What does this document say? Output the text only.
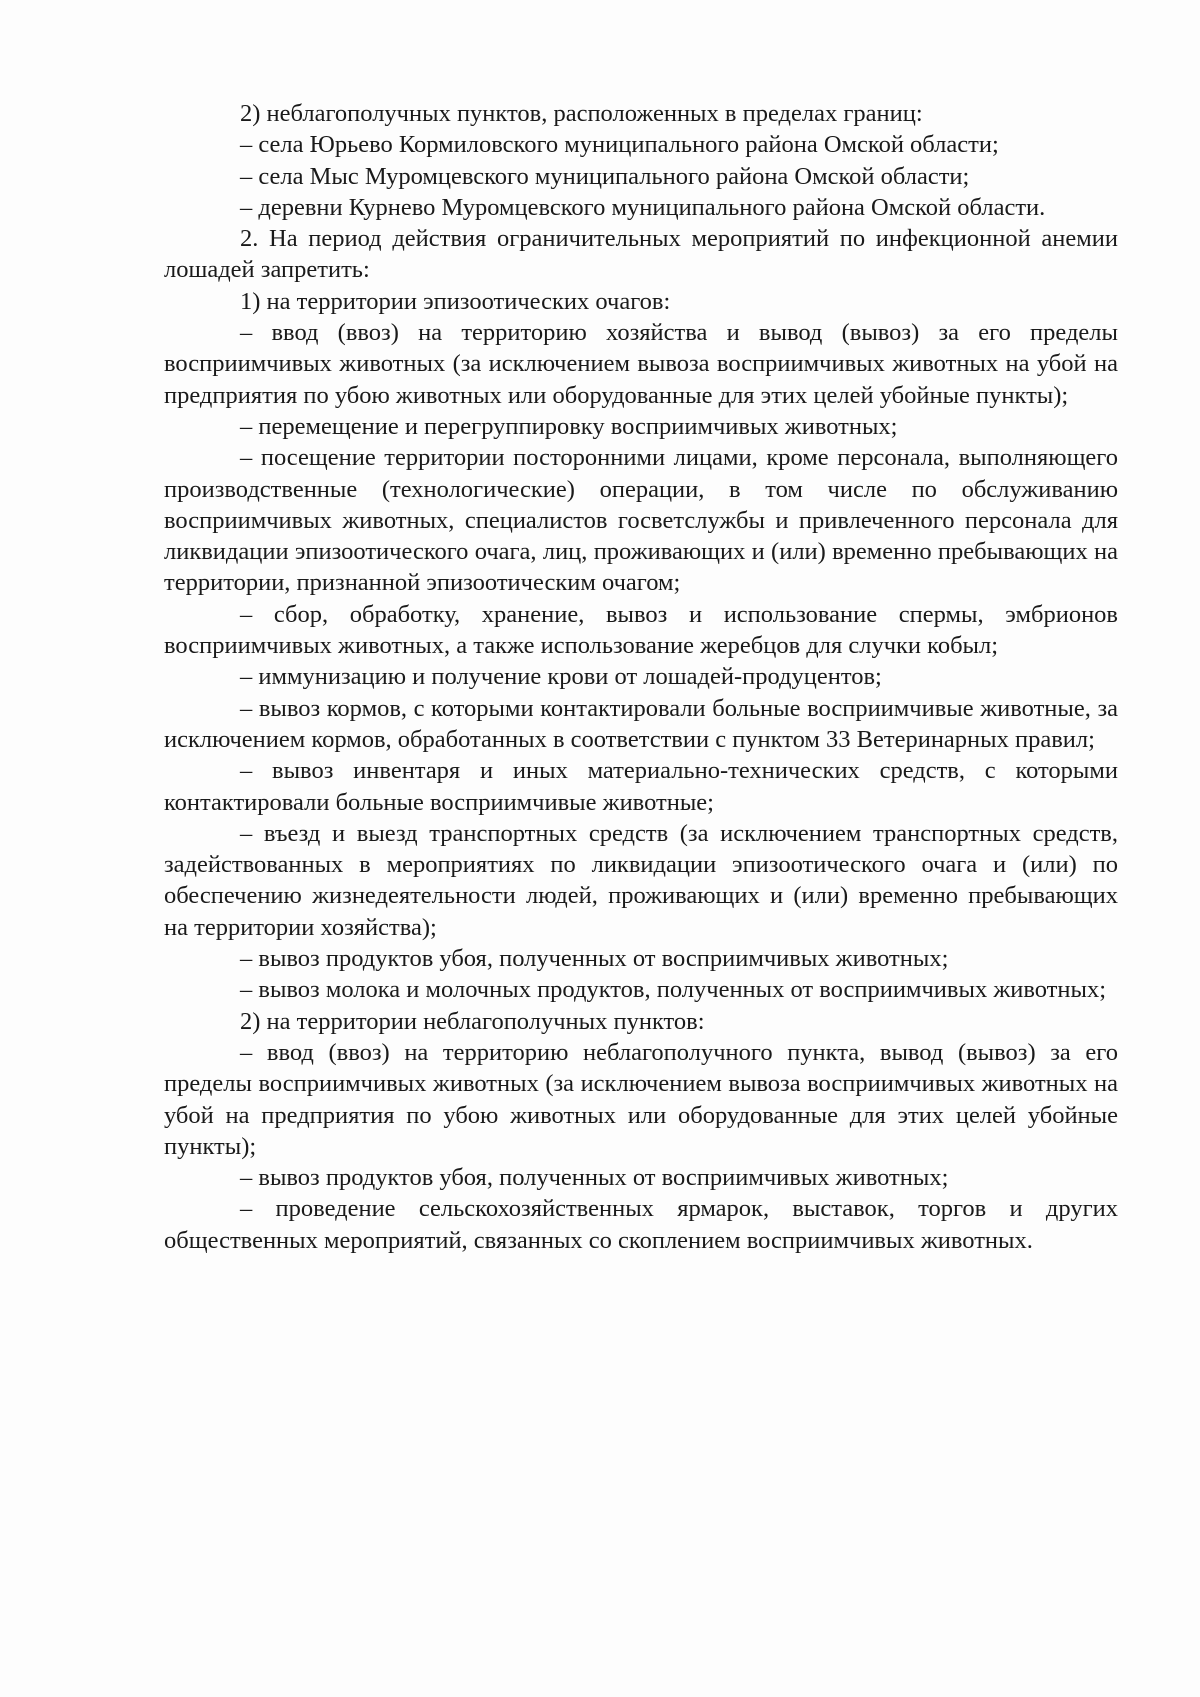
2) неблагополучных пунктов, расположенных в пределах границ:

– села Юрьево Кормиловского муниципального района Омской области;

– села Мыс Муромцевского муниципального района Омской области;

– деревни Курнево Муромцевского муниципального района Омской области.

2. На период действия ограничительных мероприятий по инфекционной анемии лошадей запретить:

1) на территории эпизоотических очагов:

– ввод (ввоз) на территорию хозяйства и вывод (вывоз) за его пределы восприимчивых животных (за исключением вывоза восприимчивых животных на убой на предприятия по убою животных или оборудованные для этих целей убойные пункты);

– перемещение и перегруппировку восприимчивых животных;

– посещение территории посторонними лицами, кроме персонала, выполняющего производственные (технологические) операции, в том числе по обслуживанию восприимчивых животных, специалистов госветслужбы и привлеченного персонала для ликвидации эпизоотического очага, лиц, проживающих и (или) временно пребывающих на территории, признанной эпизоотическим очагом;

– сбор, обработку, хранение, вывоз и использование спермы, эмбрионов восприимчивых животных, а также использование жеребцов для случки кобыл;

– иммунизацию и получение крови от лошадей-продуцентов;

– вывоз кормов, с которыми контактировали больные восприимчивые животные, за исключением кормов, обработанных в соответствии с пунктом 33 Ветеринарных правил;

– вывоз инвентаря и иных материально-технических средств, с которыми контактировали больные восприимчивые животные;

– въезд и выезд транспортных средств (за исключением транспортных средств, задействованных в мероприятиях по ликвидации эпизоотического очага и (или) по обеспечению жизнедеятельности людей, проживающих и (или) временно пребывающих на территории хозяйства);

– вывоз продуктов убоя, полученных от восприимчивых животных;

– вывоз молока и молочных продуктов, полученных от восприимчивых животных;

2) на территории неблагополучных пунктов:

– ввод (ввоз) на территорию неблагополучного пункта, вывод (вывоз) за его пределы восприимчивых животных (за исключением вывоза восприимчивых животных на убой на предприятия по убою животных или оборудованные для этих целей убойные пункты);

– вывоз продуктов убоя, полученных от восприимчивых животных;

– проведение сельскохозяйственных ярмарок, выставок, торгов и других общественных мероприятий, связанных со скоплением восприимчивых животных.
